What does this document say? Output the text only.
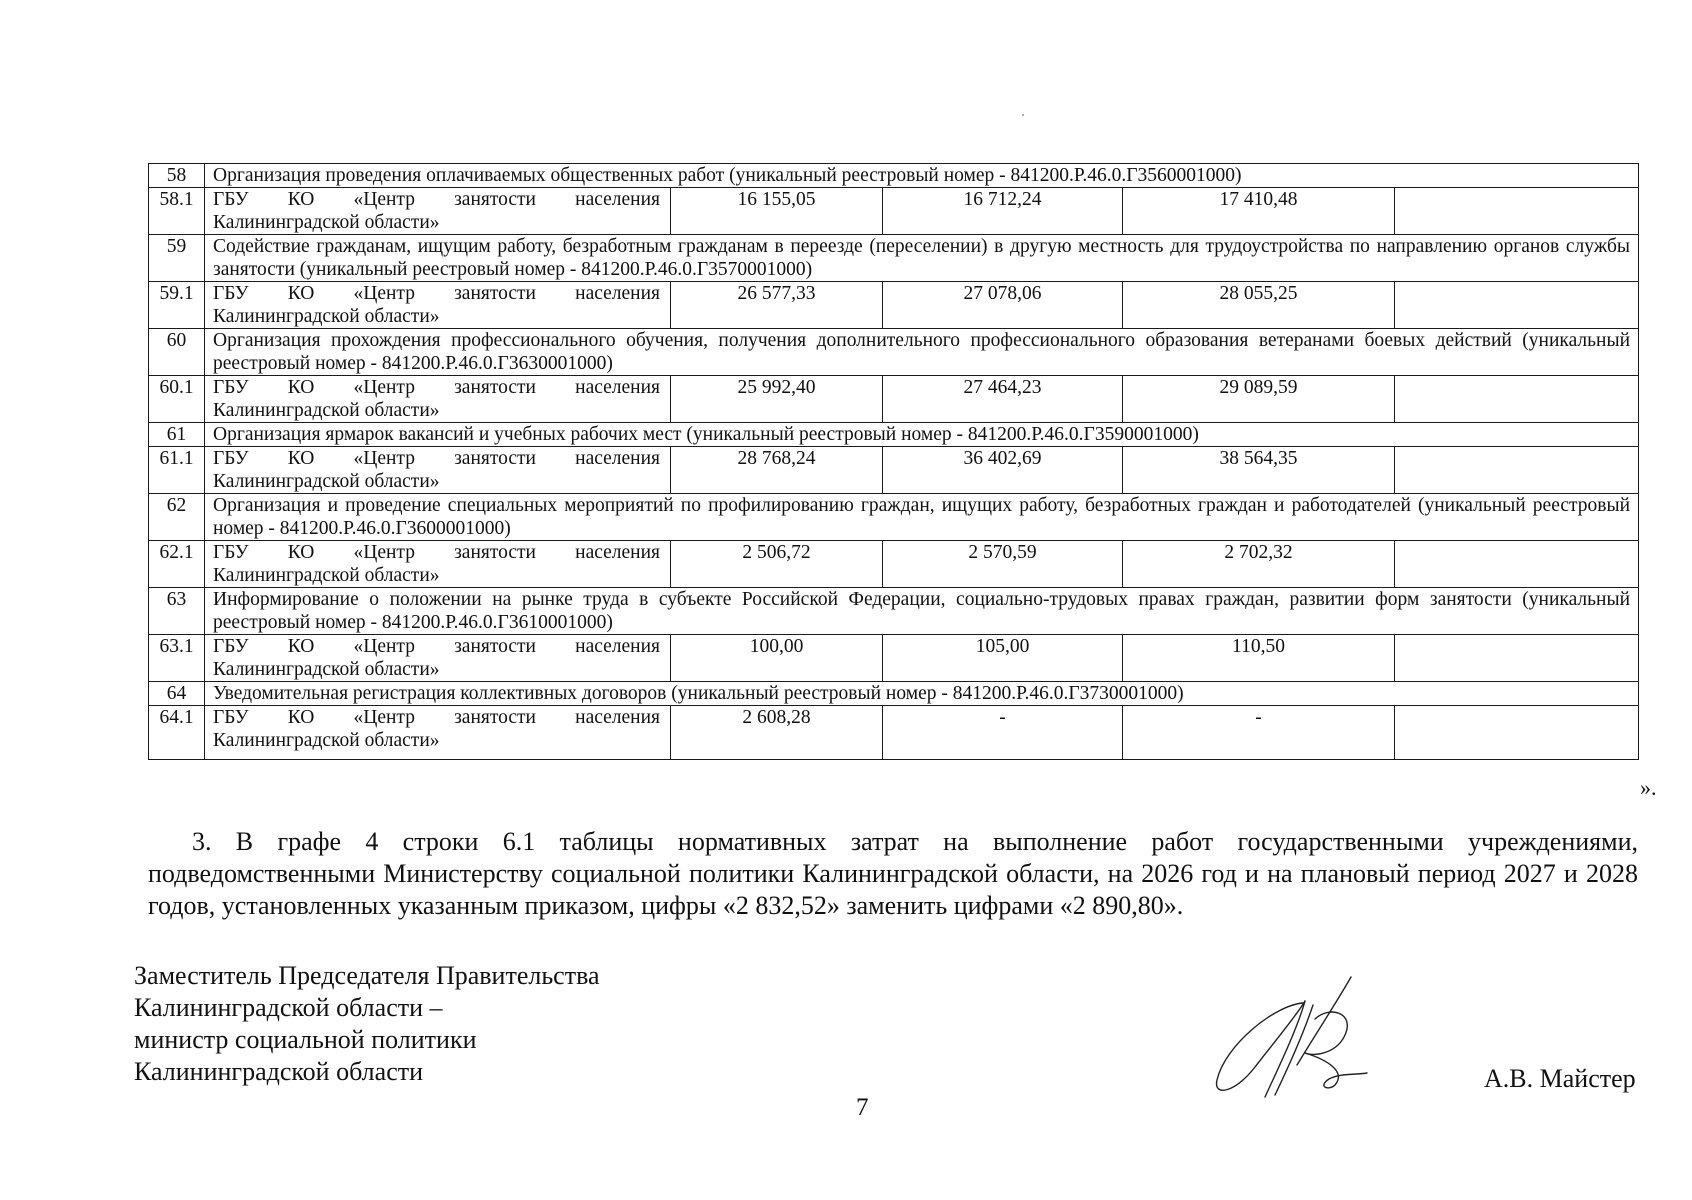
58	Организация проведения оплачиваемых общественных работ (уникальный реестровый номер - 841200.Р.46.0.Г3560001000)				
58.1	ГБУ КО «Центр занятости населения Калининградской области»	16 155,05	16 712,24	17 410,48	
59	Содействие гражданам, ищущим работу, безработным гражданам в переезде (переселении) в другую местность для трудоустройства по направлению органов службы занятости (уникальный реестровый номер - 841200.Р.46.0.Г3570001000)				
59.1	ГБУ КО «Центр занятости населения Калининградской области»	26 577,33	27 078,06	28 055,25	
60	Организация прохождения профессионального обучения, получения дополнительного профессионального образования ветеранами боевых действий (уникальный реестровый номер - 841200.Р.46.0.Г3630001000)				
60.1	ГБУ КО «Центр занятости населения Калининградской области»	25 992,40	27 464,23	29 089,59	
61	Организация ярмарок вакансий и учебных рабочих мест (уникальный реестровый номер - 841200.Р.46.0.Г3590001000)				
61.1	ГБУ КО «Центр занятости населения Калининградской области»	28 768,24	36 402,69	38 564,35	
62	Организация и проведение специальных мероприятий по профилированию граждан, ищущих работу, безработных граждан и работодателей (уникальный реестровый номер - 841200.Р.46.0.Г3600001000)				
62.1	ГБУ КО «Центр занятости населения Калининградской области»	2 506,72	2 570,59	2 702,32	
63	Информирование о положении на рынке труда в субъекте Российской Федерации, социально-трудовых правах граждан, развитии форм занятости (уникальный реестровый номер - 841200.Р.46.0.Г3610001000)				
63.1	ГБУ КО «Центр занятости населения Калининградской области»	100,00	105,00	110,50	
64	Уведомительная регистрация коллективных договоров (уникальный реестровый номер - 841200.Р.46.0.Г3730001000)				
64.1	ГБУ КО «Центр занятости населения Калининградской области»	2 608,28	-	-	
».

3. В графе 4 строки 6.1 таблицы нормативных затрат на выполнение работ государственными учреждениями, подведомственными Министерству социальной политики Калининградской области, на 2026 год и на плановый период 2027 и 2028 годов, установленных указанным приказом, цифры «2 832,52» заменить цифрами «2 890,80».

Заместитель Председателя Правительства
Калининградской области –
министр социальной политики
Калининградской области	А.В. Майстер
7
